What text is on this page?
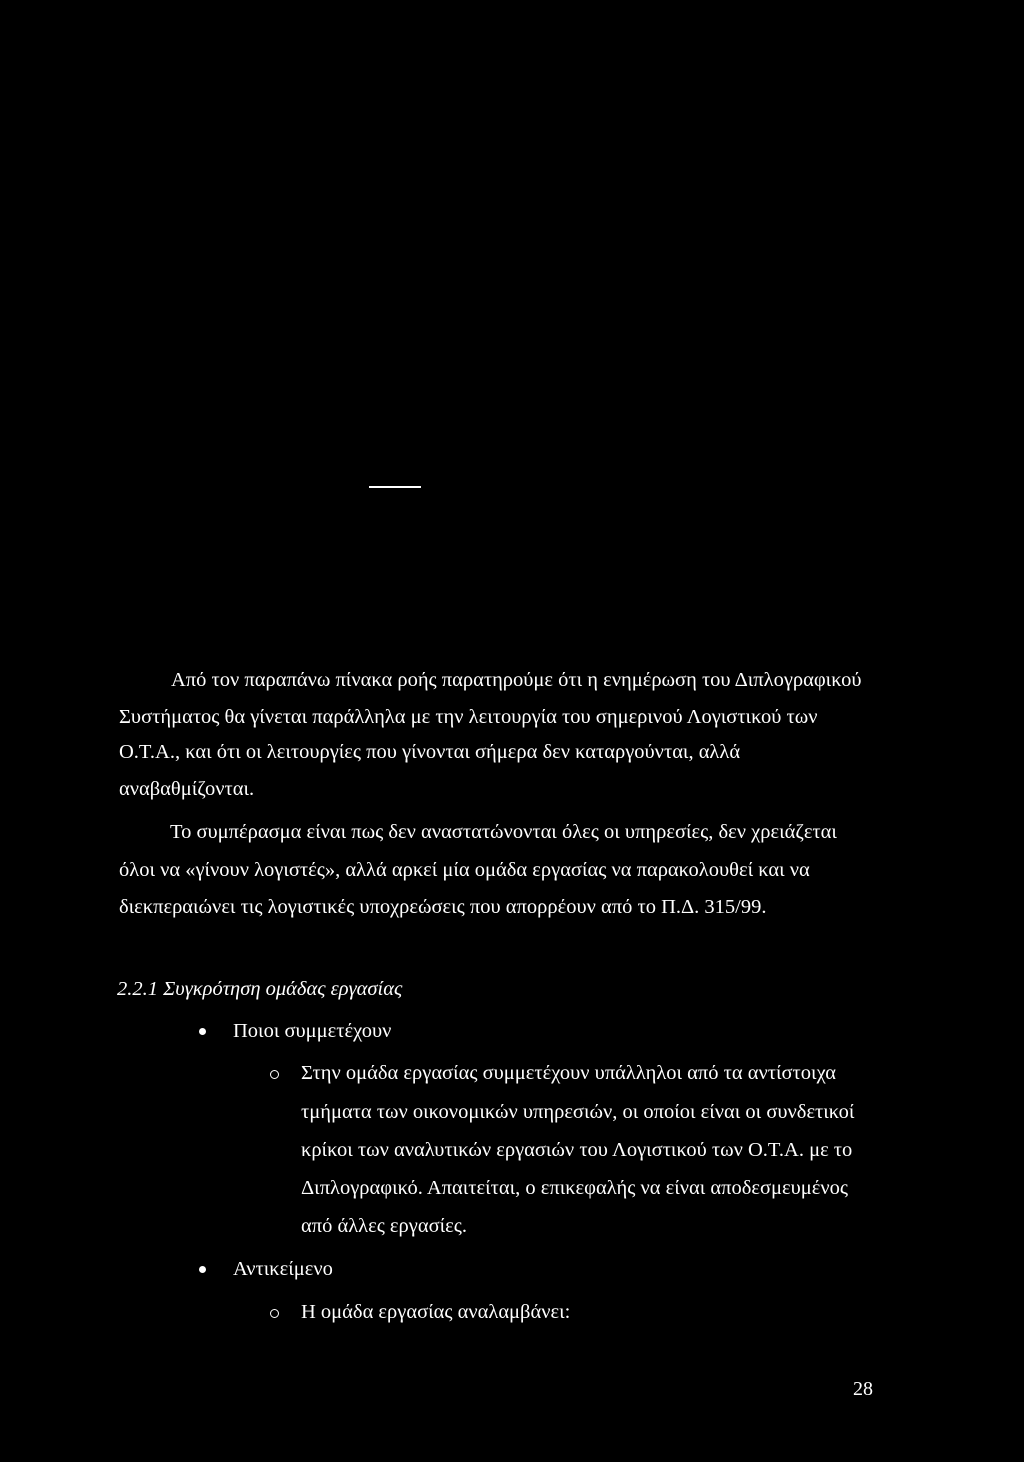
Από τον παραπάνω πίνακα ροής παρατηρούμε ότι η ενημέρωση του Διπλογραφικού
Συστήματος θα γίνεται παράλληλα με την λειτουργία του σημερινού Λογιστικού των
Ο.Τ.Α., και ότι οι λειτουργίες που γίνονται σήμερα δεν καταργούνται, αλλά
αναβαθμίζονται.
Το συμπέρασμα είναι πως δεν αναστατώνονται όλες οι υπηρεσίες, δεν χρειάζεται
όλοι να «γίνουν λογιστές», αλλά αρκεί μία ομάδα εργασίας να παρακολουθεί και να
διεκπεραιώνει τις λογιστικές υποχρεώσεις που απορρέουν από το Π.Δ. 315/99.
2.2.1 Συγκρότηση ομάδας εργασίας
Ποιοι συμμετέχουν
Στην ομάδα εργασίας συμμετέχουν υπάλληλοι από τα αντίστοιχα
τμήματα των οικονομικών υπηρεσιών, οι οποίοι είναι οι συνδετικοί
κρίκοι των αναλυτικών εργασιών του Λογιστικού των Ο.Τ.Α. με το
Διπλογραφικό. Απαιτείται, ο επικεφαλής να είναι αποδεσμευμένος
από άλλες εργασίες.
Αντικείμενο
Η ομάδα εργασίας αναλαμβάνει:
28
